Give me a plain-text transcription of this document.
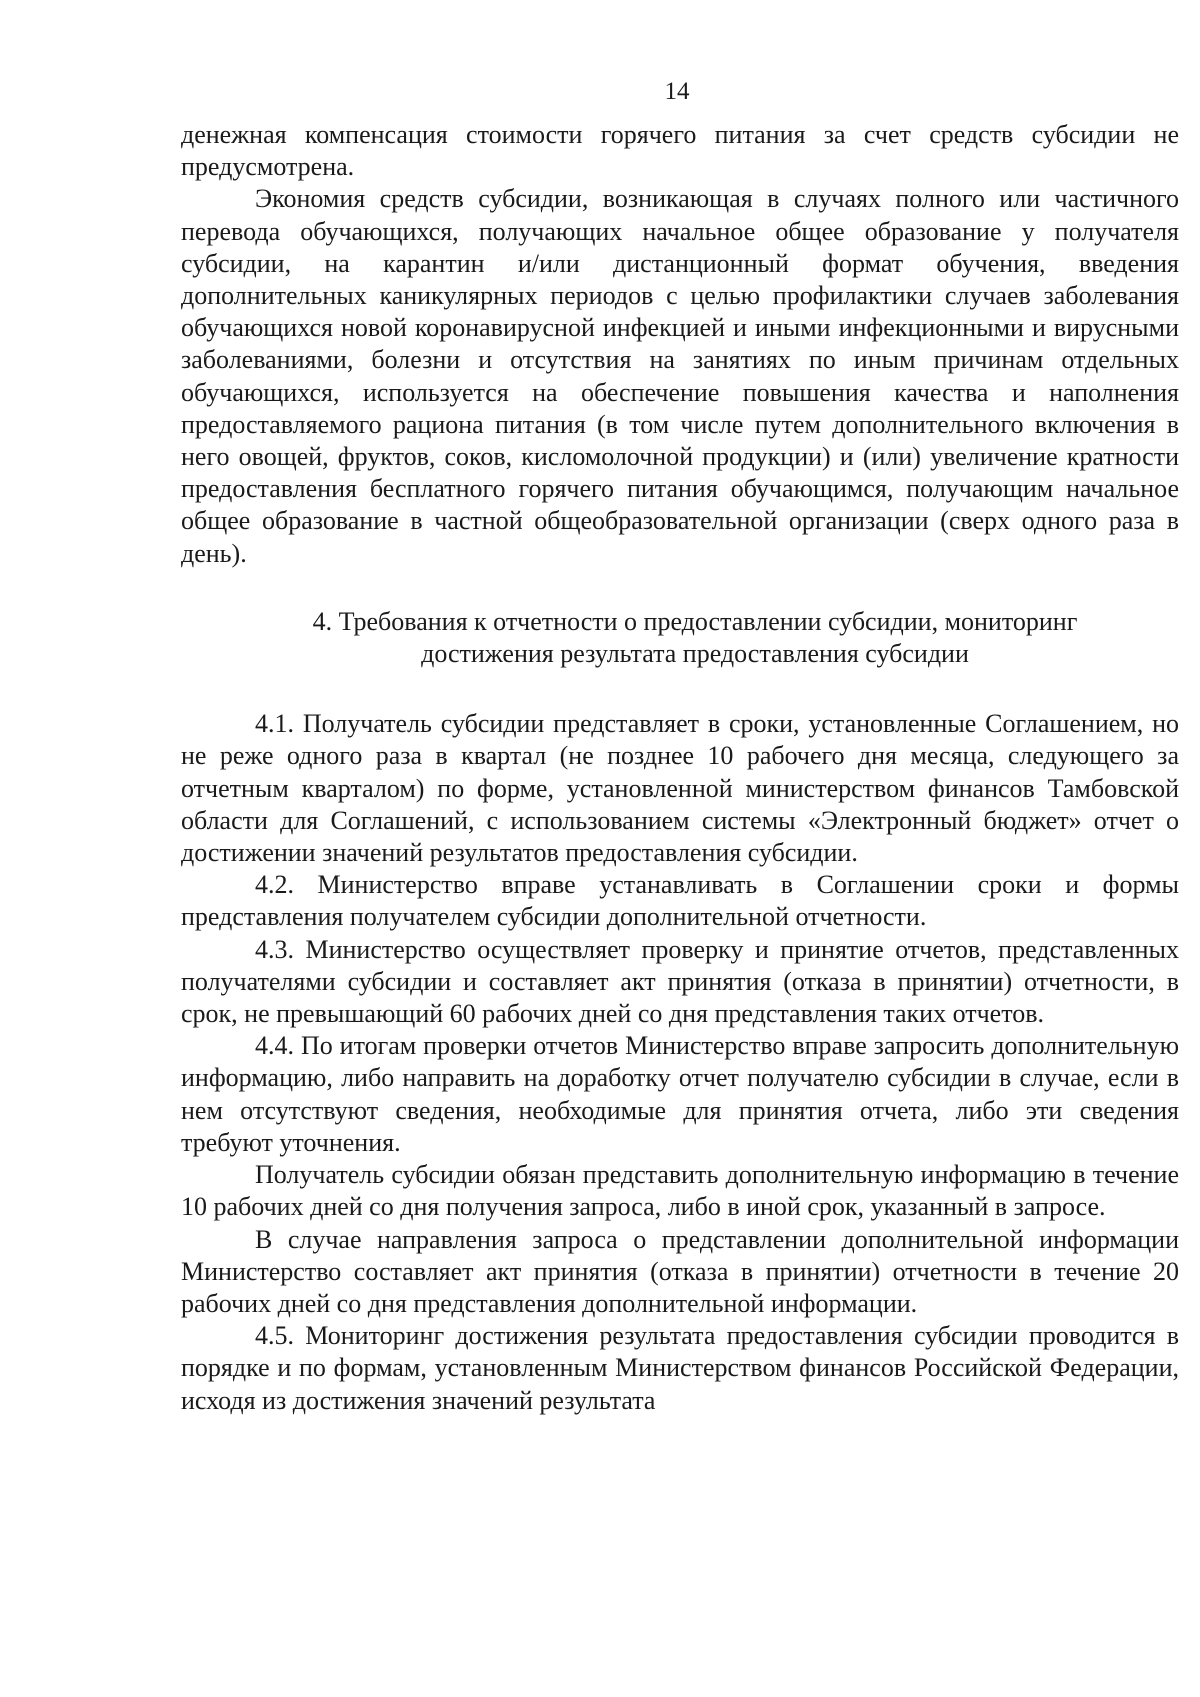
14

денежная компенсация стоимости горячего питания за счет средств субсидии не предусмотрена.

Экономия средств субсидии, возникающая в случаях полного или частичного перевода обучающихся, получающих начальное общее образование у получателя субсидии, на карантин и/или дистанционный формат обучения, введения дополнительных каникулярных периодов с целью профилактики случаев заболевания обучающихся новой коронавирусной инфекцией и иными инфекционными и вирусными заболеваниями, болезни и отсутствия на занятиях по иным причинам отдельных обучающихся, используется на обеспечение повышения качества и наполнения предоставляемого рациона питания (в том числе путем дополнительного включения в него овощей, фруктов, соков, кисломолочной продукции) и (или) увеличение кратности предоставления бесплатного горячего питания обучающимся, получающим начальное общее образование в частной общеобразовательной организации (сверх одного раза в день).

4. Требования к отчетности о предоставлении субсидии, мониторинг
достижения результата предоставления субсидии

4.1. Получатель субсидии представляет в сроки, установленные Соглашением, но не реже одного раза в квартал (не позднее 10 рабочего дня месяца, следующего за отчетным кварталом) по форме, установленной министерством финансов Тамбовской области для Соглашений, с использованием системы «Электронный бюджет» отчет о достижении значений результатов предоставления субсидии.

4.2. Министерство вправе устанавливать в Соглашении сроки и формы представления получателем субсидии дополнительной отчетности.

4.3. Министерство осуществляет проверку и принятие отчетов, представленных получателями субсидии и составляет акт принятия (отказа в принятии) отчетности, в срок, не превышающий 60 рабочих дней со дня представления таких отчетов.

4.4. По итогам проверки отчетов Министерство вправе запросить дополнительную информацию, либо направить на доработку отчет получателю субсидии в случае, если в нем отсутствуют сведения, необходимые для принятия отчета, либо эти сведения требуют уточнения.

Получатель субсидии обязан представить дополнительную информацию в течение 10 рабочих дней со дня получения запроса, либо в иной срок, указанный в запросе.

В случае направления запроса о представлении дополнительной информации Министерство составляет акт принятия (отказа в принятии) отчетности в течение 20 рабочих дней со дня представления дополнительной информации.

4.5. Мониторинг достижения результата предоставления субсидии проводится в порядке и по формам, установленным Министерством финансов Российской Федерации, исходя из достижения значений результата
